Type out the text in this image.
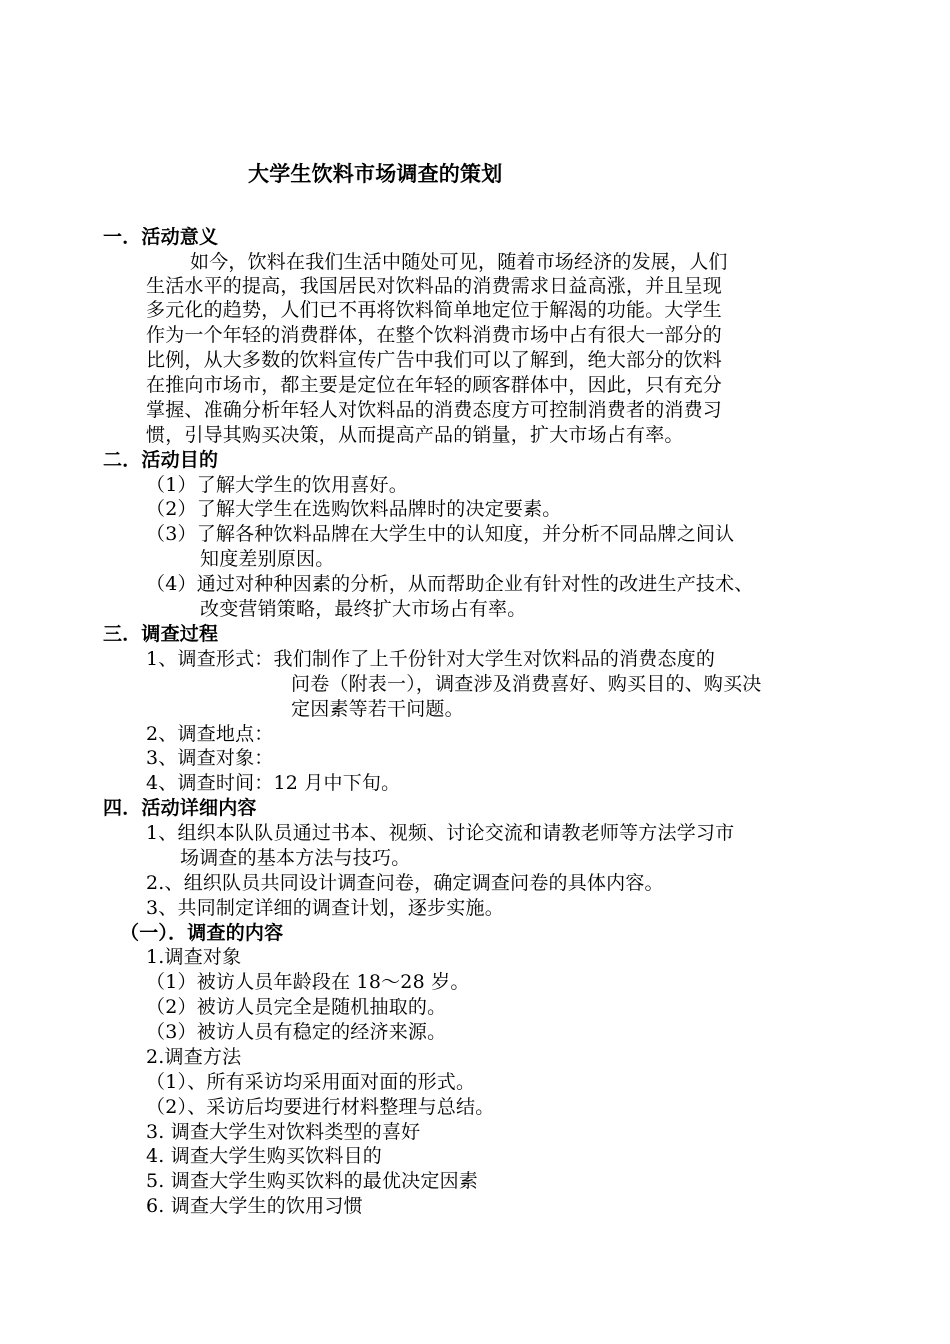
大学生饮料市场调查的策划
一．活动意义
如今，饮料在我们生活中随处可见，随着市场经济的发展，人们
生活水平的提高，我国居民对饮料品的消费需求日益高涨，并且呈现
多元化的趋势，人们已不再将饮料简单地定位于解渴的功能。大学生
作为一个年轻的消费群体，在整个饮料消费市场中占有很大一部分的
比例，从大多数的饮料宣传广告中我们可以了解到，绝大部分的饮料
在推向市场市，都主要是定位在年轻的顾客群体中，因此，只有充分
掌握、准确分析年轻人对饮料品的消费态度方可控制消费者的消费习
惯，引导其购买决策，从而提高产品的销量，扩大市场占有率。
二．活动目的
（1）了解大学生的饮用喜好。
（2）了解大学生在选购饮料品牌时的决定要素。
（3）了解各种饮料品牌在大学生中的认知度，并分析不同品牌之间认
知度差别原因。
（4）通过对种种因素的分析，从而帮助企业有针对性的改进生产技术、
改变营销策略，最终扩大市场占有率。
三．调查过程
1、调查形式：我们制作了上千份针对大学生对饮料品的消费态度的
问卷（附表一），调查涉及消费喜好、购买目的、购买决
定因素等若干问题。
2、调查地点：
3、调查对象：
4、调查时间：12 月中下旬。
四．活动详细内容
1、组织本队队员通过书本、视频、讨论交流和请教老师等方法学习市
场调查的基本方法与技巧。
2.、组织队员共同设计调查问卷，确定调查问卷的具体内容。
3、共同制定详细的调查计划，逐步实施。
（一）．调查的内容
1.调查对象
（1）被访人员年龄段在 18～28 岁。
（2）被访人员完全是随机抽取的。
（3）被访人员有稳定的经济来源。
2.调查方法
（1）、所有采访均采用面对面的形式。
（2）、采访后均要进行材料整理与总结。
3. 调查大学生对饮料类型的喜好
4. 调查大学生购买饮料目的
5. 调查大学生购买饮料的最优决定因素
6. 调查大学生的饮用习惯
